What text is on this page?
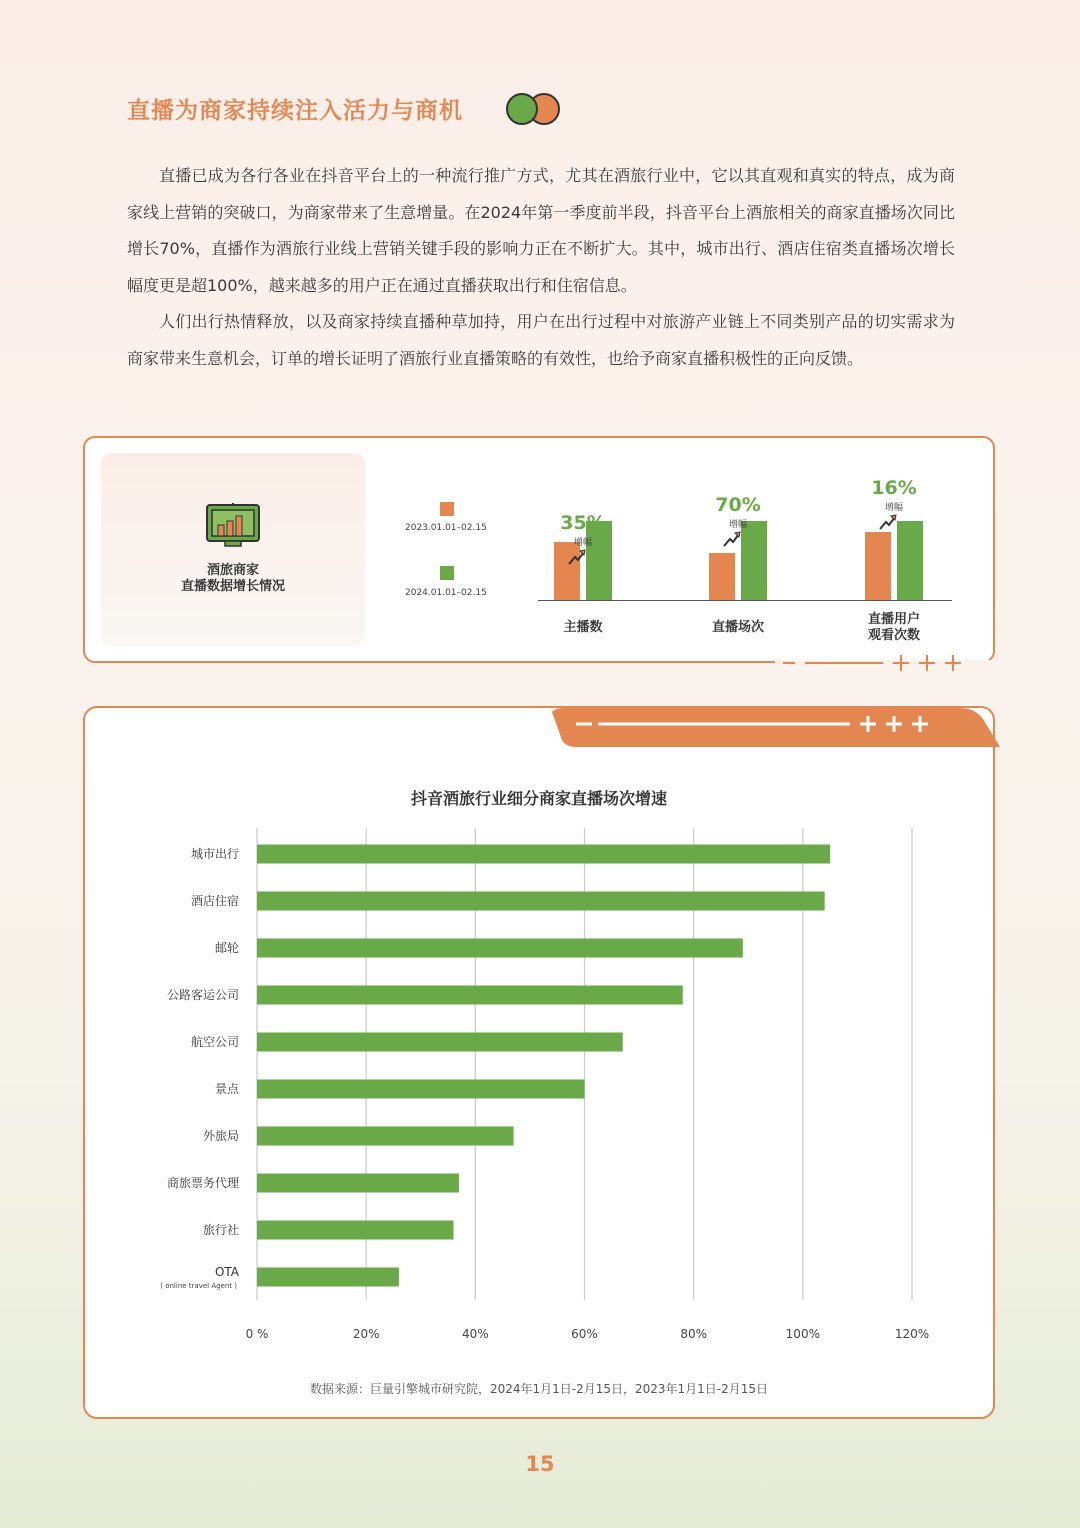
直播为商家持续注入活力与商机
直播已成为各行各业在抖音平台上的一种流行推广方式，尤其在酒旅行业中，它以其直观和真实的特点，成为商家线上营销的突破口，为商家带来了生意增量。在2024年第一季度前半段，抖音平台上酒旅相关的商家直播场次同比增长70%，直播作为酒旅行业线上营销关键手段的影响力正在不断扩大。其中，城市出行、酒店住宿类直播场次增长幅度更是超100%，越来越多的用户正在通过直播获取出行和住宿信息。
人们出行热情释放，以及商家持续直播种草加持，用户在出行过程中对旅游产业链上不同类别产品的切实需求为商家带来生意机会，订单的增长证明了酒旅行业直播策略的有效性，也给予商家直播积极性的正向反馈。
酒旅商家
直播数据增长情况
2023.01.01–02.15
2024.01.01–02.15
35%
增幅
主播数
70%
增幅
直播场次
16%
增幅
直播用户
观看次数
抖音酒旅行业细分商家直播场次增速
0 %	20%	40%	60%	80%	100%	120%
城市出行
酒店住宿
邮轮
公路客运公司
航空公司
景点
外旅局
商旅票务代理
旅行社
OTA
( online travel Agent )
数据来源：巨量引擎城市研究院，2024年1月1日-2月15日，2023年1月1日-2月15日
15
